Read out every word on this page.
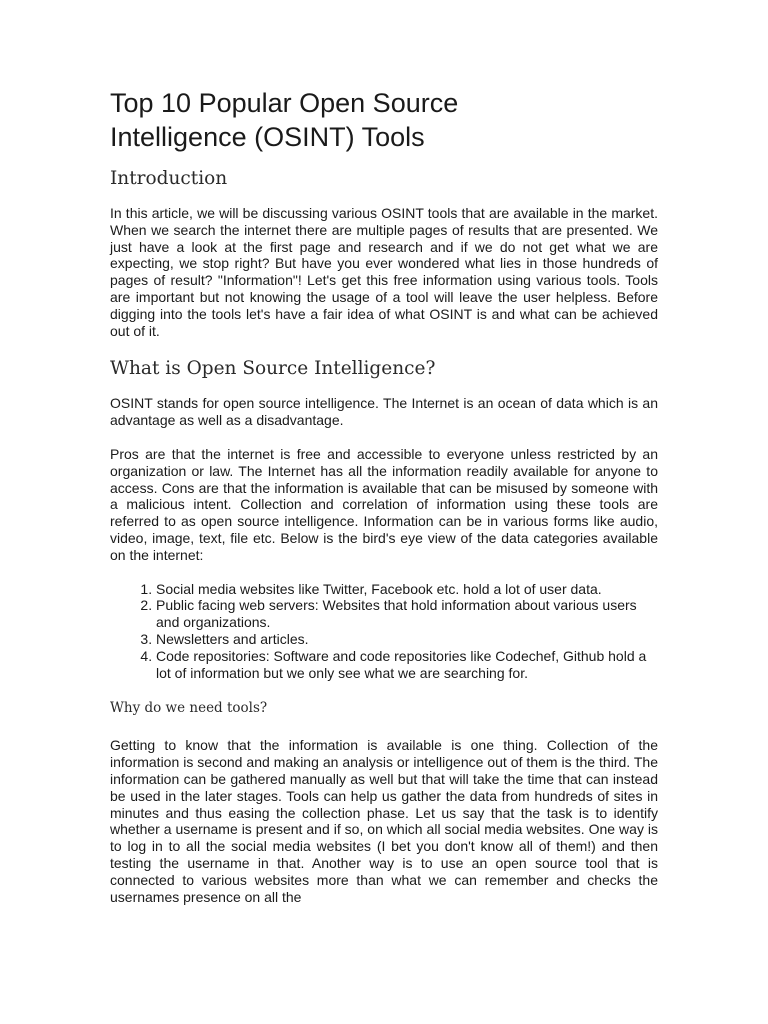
Top 10 Popular Open Source
Intelligence (OSINT) Tools
Introduction

In this article, we will be discussing various OSINT tools that are available in the market. When we search the internet there are multiple pages of results that are presented. We just have a look at the first page and research and if we do not get what we are expecting, we stop right? But have you ever wondered what lies in those hundreds of pages of result? "Information"! Let's get this free information using various tools. Tools are important but not knowing the usage of a tool will leave the user helpless. Before digging into the tools let's have a fair idea of what OSINT is and what can be achieved out of it.

What is Open Source Intelligence?

OSINT stands for open source intelligence. The Internet is an ocean of data which is an advantage as well as a disadvantage.

Pros are that the internet is free and accessible to everyone unless restricted by an organization or law. The Internet has all the information readily available for anyone to access. Cons are that the information is available that can be misused by someone with a malicious intent. Collection and correlation of information using these tools are referred to as open source intelligence. Information can be in various forms like audio, video, image, text, file etc. Below is the bird's eye view of the data categories available on the internet:

1. Social media websites like Twitter, Facebook etc. hold a lot of user data.
2. Public facing web servers: Websites that hold information about various users and organizations.
3. Newsletters and articles.
4. Code repositories: Software and code repositories like Codechef, Github hold a lot of information but we only see what we are searching for.
Why do we need tools?

Getting to know that the information is available is one thing. Collection of the information is second and making an analysis or intelligence out of them is the third. The information can be gathered manually as well but that will take the time that can instead be used in the later stages. Tools can help us gather the data from hundreds of sites in minutes and thus easing the collection phase. Let us say that the task is to identify whether a username is present and if so, on which all social media websites. One way is to log in to all the social media websites (I bet you don't know all of them!) and then testing the username in that. Another way is to use an open source tool that is connected to various websites more than what we can remember and checks the usernames presence on all the
